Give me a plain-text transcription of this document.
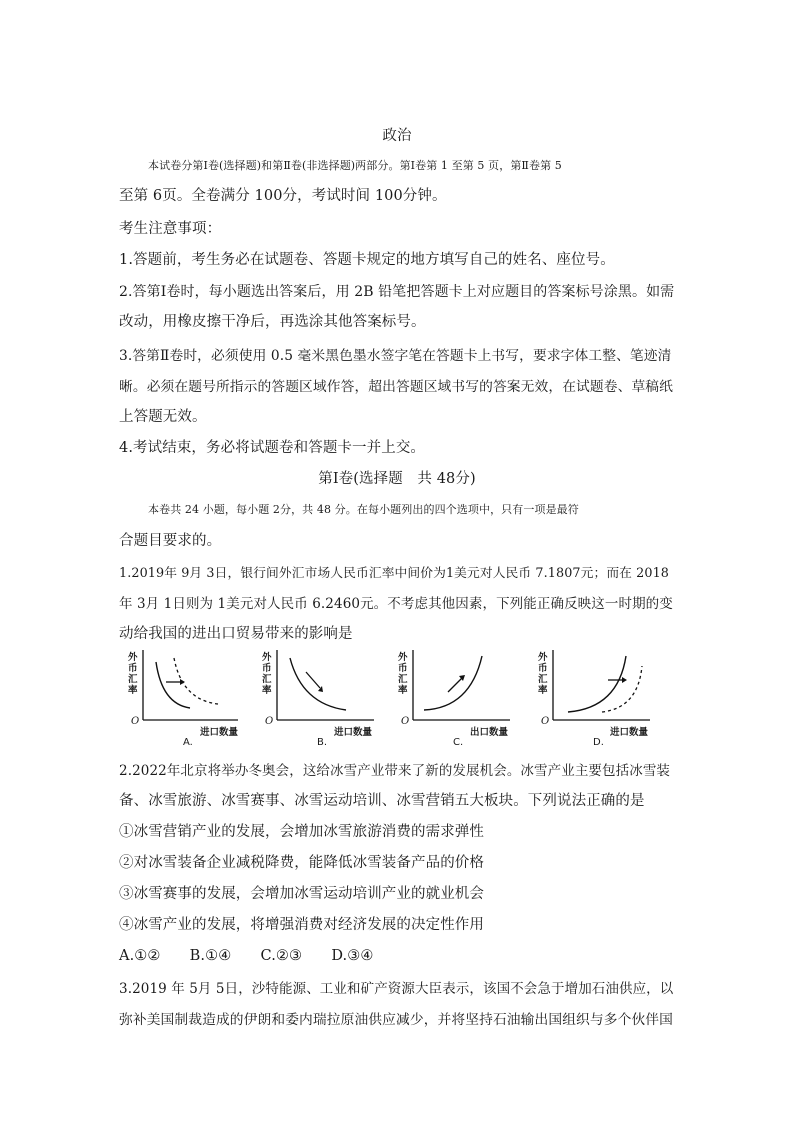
政治
本试卷分第Ⅰ卷(选择题)和第Ⅱ卷(非选择题)两部分。第Ⅰ卷第 1 至第 5 页，第Ⅱ卷第 5
至第 6页。全卷满分 100分，考试时间 100分钟。
考生注意事项：
1.答题前，考生务必在试题卷、答题卡规定的地方填写自己的姓名、座位号。
2.答第Ⅰ卷时，每小题选出答案后，用 2B 铅笔把答题卡上对应题目的答案标号涂黑。如需
改动，用橡皮擦干净后，再选涂其他答案标号。
3.答第Ⅱ卷时，必须使用 0.5 毫米黑色墨水签字笔在答题卡上书写，要求字体工整、笔迹清
晰。必须在题号所指示的答题区域作答，超出答题区域书写的答案无效，在试题卷、草稿纸
上答题无效。
4.考试结束，务必将试题卷和答题卡一并上交。
第Ⅰ卷(选择题　共 48分)
本卷共 24 小题，每小题 2分，共 48 分。在每小题列出的四个选项中，只有一项是最符
合题目要求的。
1.2019年 9月 3日，银行间外汇市场人民币汇率中间价为1美元对人民币 7.1807元；而在 2018
年 3月 1日则为 1美元对人民币 6.2460元。不考虑其他因素，下列能正确反映这一时期的变
动给我国的进出口贸易带来的影响是
外币汇率
O
进口数量
A.
外币汇率
O
进口数量
B.
外币汇率
O
出口数量
C.
外币汇率
O
进口数量
D.
2.2022年北京将举办冬奥会，这给冰雪产业带来了新的发展机会。冰雪产业主要包括冰雪装
备、冰雪旅游、冰雪赛事、冰雪运动培训、冰雪营销五大板块。下列说法正确的是
①冰雪营销产业的发展，会增加冰雪旅游消费的需求弹性
②对冰雪装备企业减税降费，能降低冰雪装备产品的价格
③冰雪赛事的发展，会增加冰雪运动培训产业的就业机会
④冰雪产业的发展，将增强消费对经济发展的决定性作用
A.①②　　B.①④　　C.②③　　D.③④
3.2019 年 5月 5日，沙特能源、工业和矿产资源大臣表示，该国不会急于增加石油供应，以
弥补美国制裁造成的伊朗和委内瑞拉原油供应减少，并将坚持石油输出国组织与多个伙伴国
